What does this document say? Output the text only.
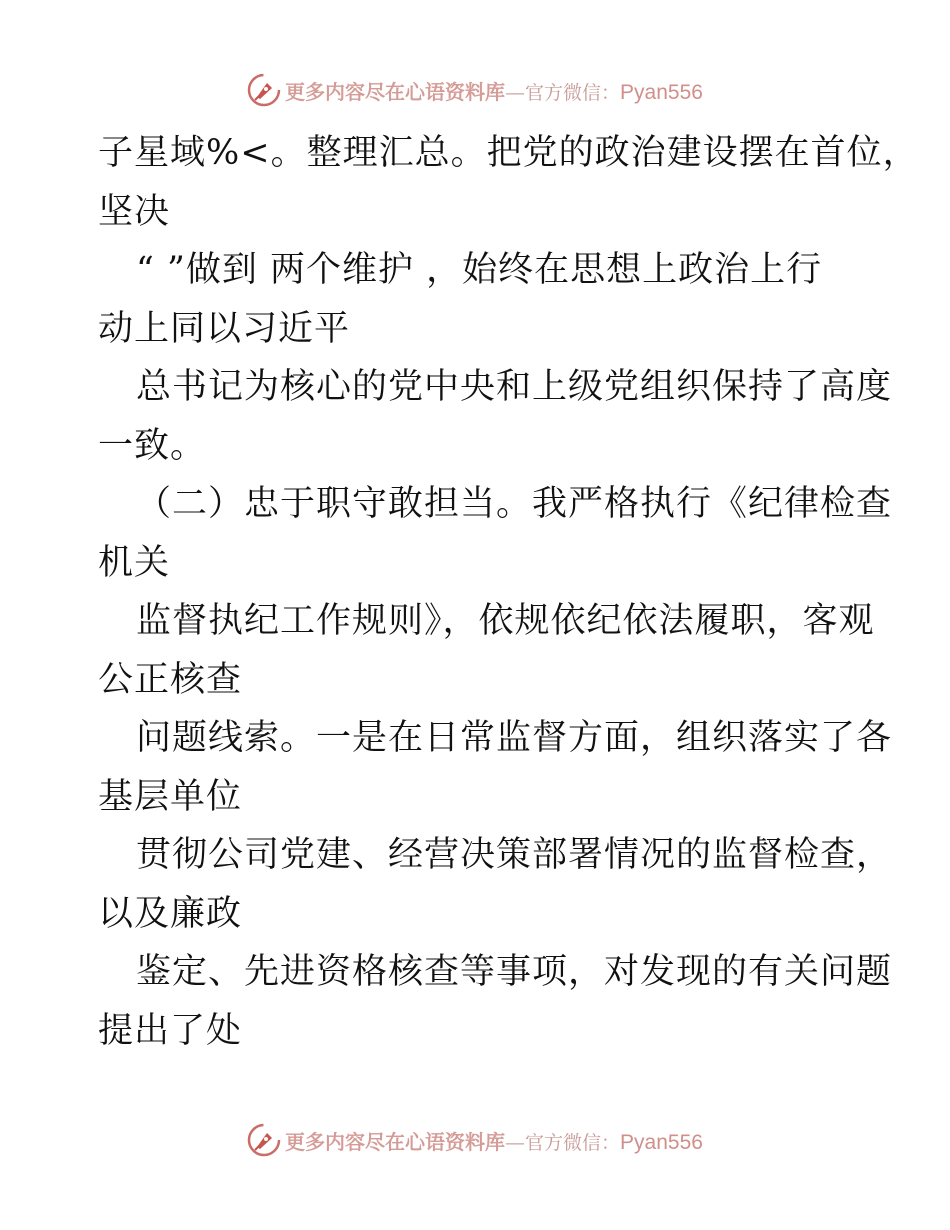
更多内容尽在心语资料库—官方微信：Pyan556
子星域%<。整理汇总。把党的政治建设摆在首位，
坚决
“ ”做到 两个维护 ，始终在思想上政治上行
动上同以习近平
总书记为核心的党中央和上级党组织保持了高度
一致。
（二）忠于职守敢担当。我严格执行《纪律检查
机关
监督执纪工作规则》，依规依纪依法履职，客观
公正核查
问题线索。一是在日常监督方面，组织落实了各
基层单位
贯彻公司党建、经营决策部署情况的监督检查，
以及廉政
鉴定、先进资格核查等事项，对发现的有关问题
提出了处
更多内容尽在心语资料库—官方微信：Pyan556
